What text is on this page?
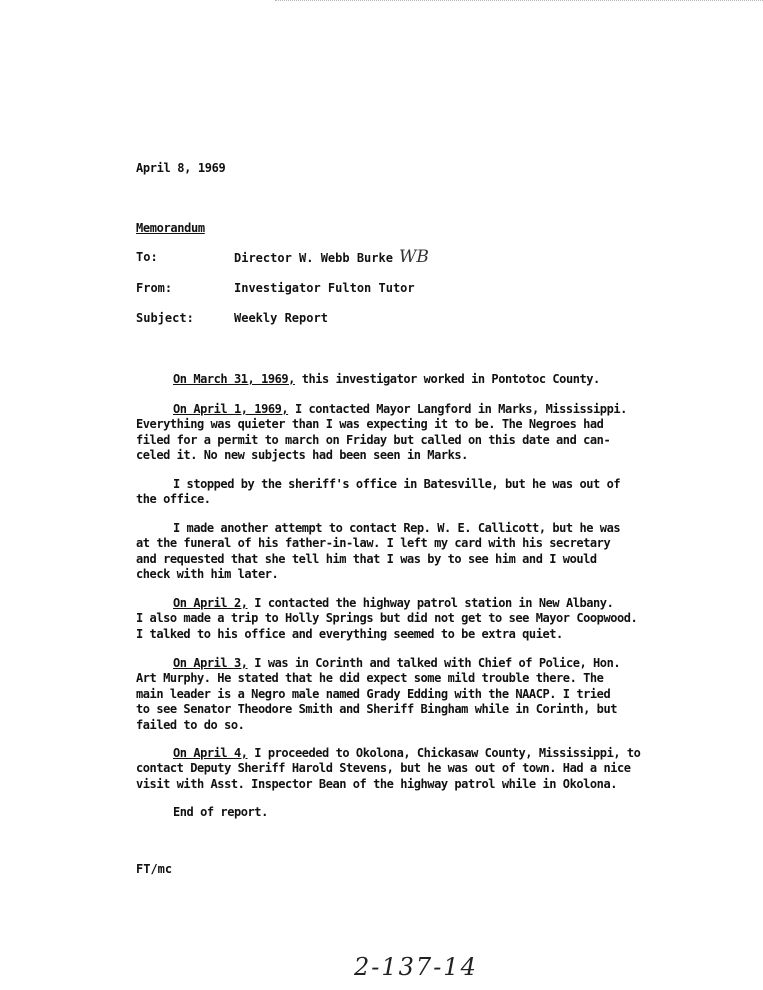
April 8, 1969
Memorandum
To:	Director W. Webb Burke WB
From:	Investigator Fulton Tutor
Subject:	Weekly Report
On March 31, 1969, this investigator worked in Pontotoc County.
On April 1, 1969, I contacted Mayor Langford in Marks, Mississippi.
Everything was quieter than I was expecting it to be. The Negroes had
filed for a permit to march on Friday but called on this date and can-
celed it. No new subjects had been seen in Marks.
I stopped by the sheriff's office in Batesville, but he was out of
the office.
I made another attempt to contact Rep. W. E. Callicott, but he was
at the funeral of his father-in-law. I left my card with his secretary
and requested that she tell him that I was by to see him and I would
check with him later.
On April 2, I contacted the highway patrol station in New Albany.
I also made a trip to Holly Springs but did not get to see Mayor Coopwood.
I talked to his office and everything seemed to be extra quiet.
On April 3, I was in Corinth and talked with Chief of Police, Hon.
Art Murphy. He stated that he did expect some mild trouble there. The
main leader is a Negro male named Grady Edding with the NAACP. I tried
to see Senator Theodore Smith and Sheriff Bingham while in Corinth, but
failed to do so.
On April 4, I proceeded to Okolona, Chickasaw County, Mississippi, to
contact Deputy Sheriff Harold Stevens, but he was out of town. Had a nice
visit with Asst. Inspector Bean of the highway patrol while in Okolona.
End of report.
FT/mc
2-137-14
